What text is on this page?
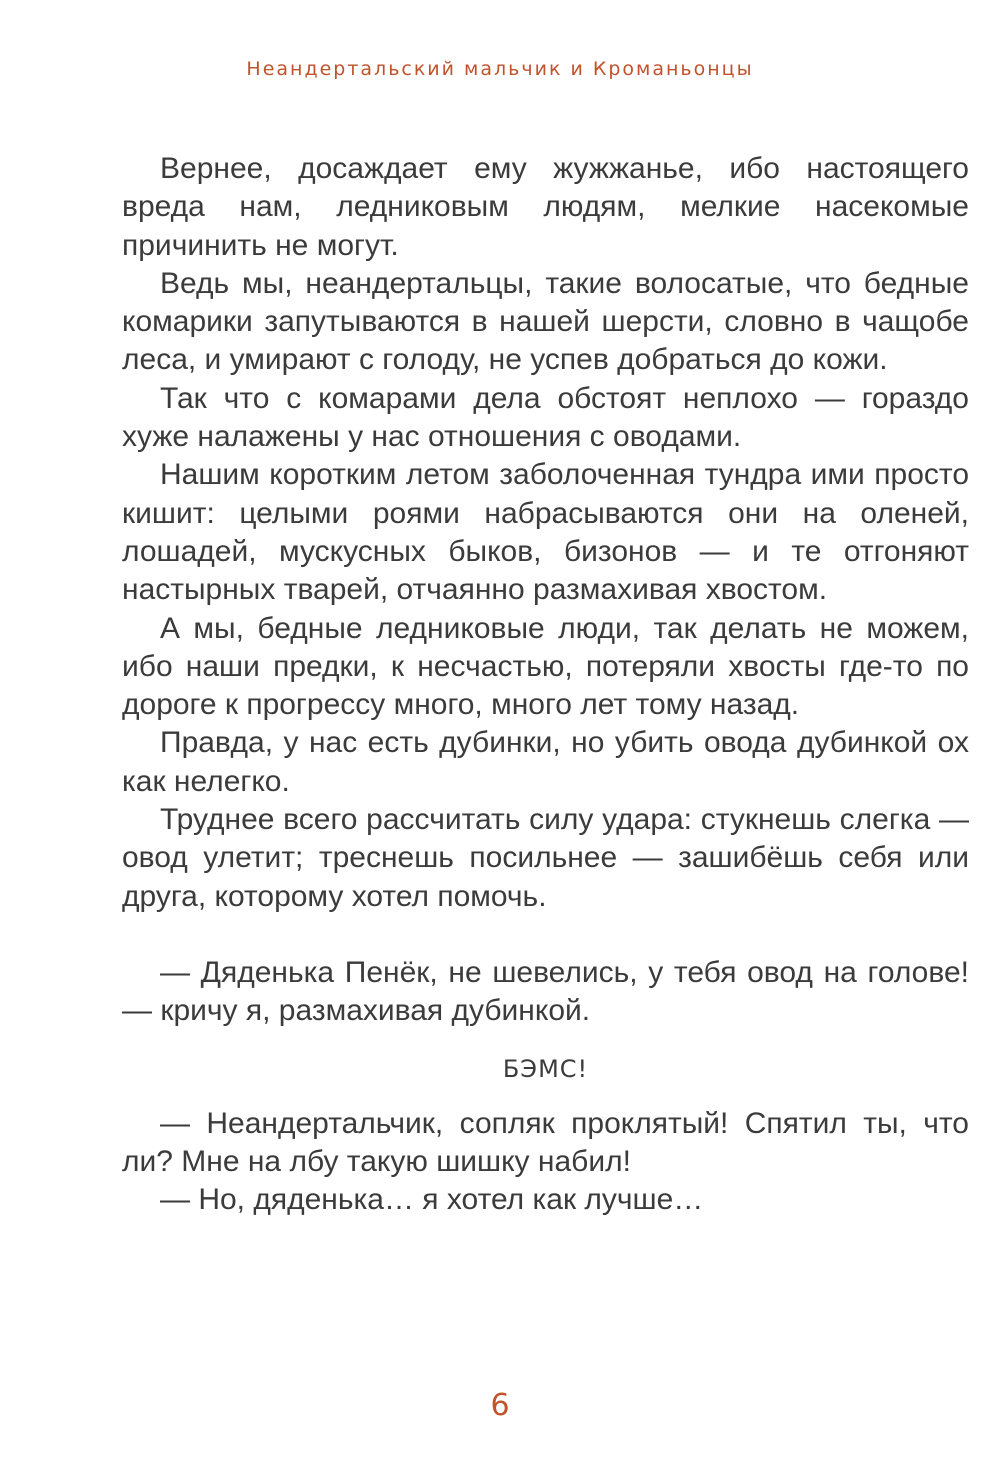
Неандертальский мальчик и Кроманьонцы

Вернее, досаждает ему жужжанье, ибо настоящего вреда нам, ледниковым людям, мелкие насекомые причинить не могут.

Ведь мы, неандертальцы, такие волосатые, что бедные комарики запутываются в нашей шерсти, словно в чащобе леса, и умирают с голоду, не успев добраться до кожи.

Так что с комарами дела обстоят неплохо — гораздо хуже налажены у нас отношения с оводами.

Нашим коротким летом заболоченная тундра ими просто кишит: целыми роями набрасываются они на оленей, лошадей, мускусных быков, бизонов — и те отгоняют настырных тварей, отчаянно размахивая хвостом.

А мы, бедные ледниковые люди, так делать не можем, ибо наши предки, к несчастью, потеряли хвосты где-то по дороге к прогрессу много, много лет тому назад.

Правда, у нас есть дубинки, но убить овода дубинкой ох как нелегко.

Труднее всего рассчитать силу удара: стукнешь слегка — овод улетит; треснешь посильнее — зашибёшь себя или друга, которому хотел помочь.

— Дяденька Пенёк, не шевелись, у тебя овод на голове! — кричу я, размахивая дубинкой.

БЭМС!

— Неандертальчик, сопляк проклятый! Спятил ты, что ли? Мне на лбу такую шишку набил!

— Но, дяденька… я хотел как лучше…

6
